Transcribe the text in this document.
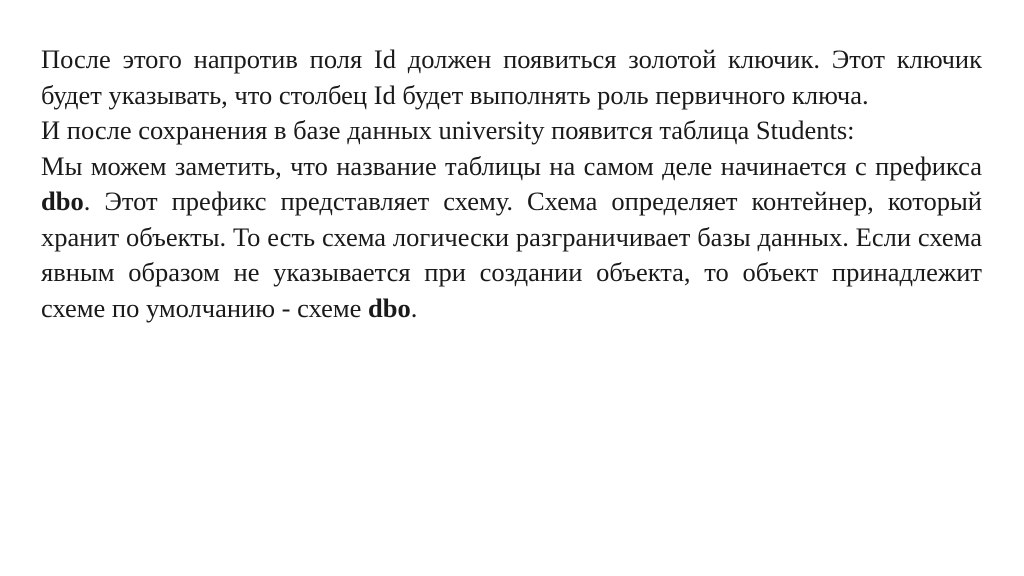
После этого напротив поля Id должен появиться золотой ключик. Этот ключик будет указывать, что столбец Id будет выполнять роль первичного ключа.

И после сохранения в базе данных university появится таблица Students:

Мы можем заметить, что название таблицы на самом деле начинается с префикса dbo. Этот префикс представляет схему. Схема определяет контейнер, который хранит объекты. То есть схема логически разграничивает базы данных. Если схема явным образом не указывается при создании объекта, то объект принадлежит схеме по умолчанию - схеме dbo.
